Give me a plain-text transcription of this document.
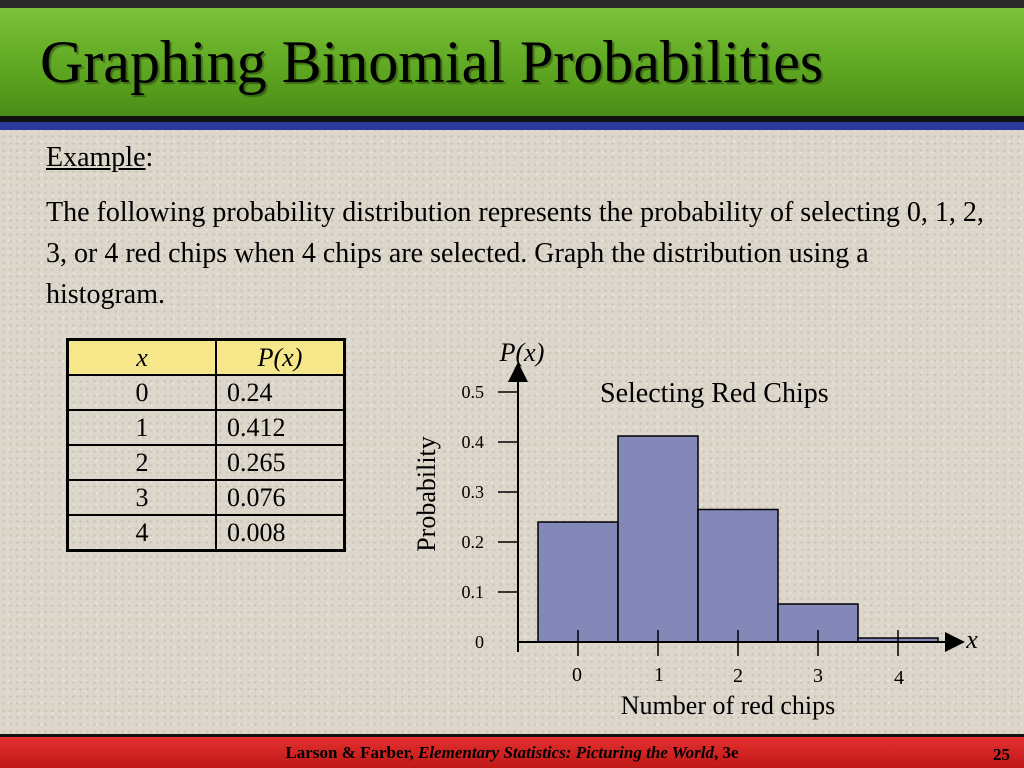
Graphing Binomial Probabilities
Example:
The following probability distribution represents the probability of selecting 0, 1, 2, 3, or 4 red chips when 4 chips are selected. Graph the distribution using a histogram.
x	P(x)
0	0.24
1	0.412
2	0.265
3	0.076
4	0.008
0
0.1
0.2
0.3
0.4
0.5
0	1	2	3	4
Selecting Red Chips
Number of red chips
Probability
P(x)
x
Larson & Farber, Elementary Statistics: Picturing the World, 3e	25
